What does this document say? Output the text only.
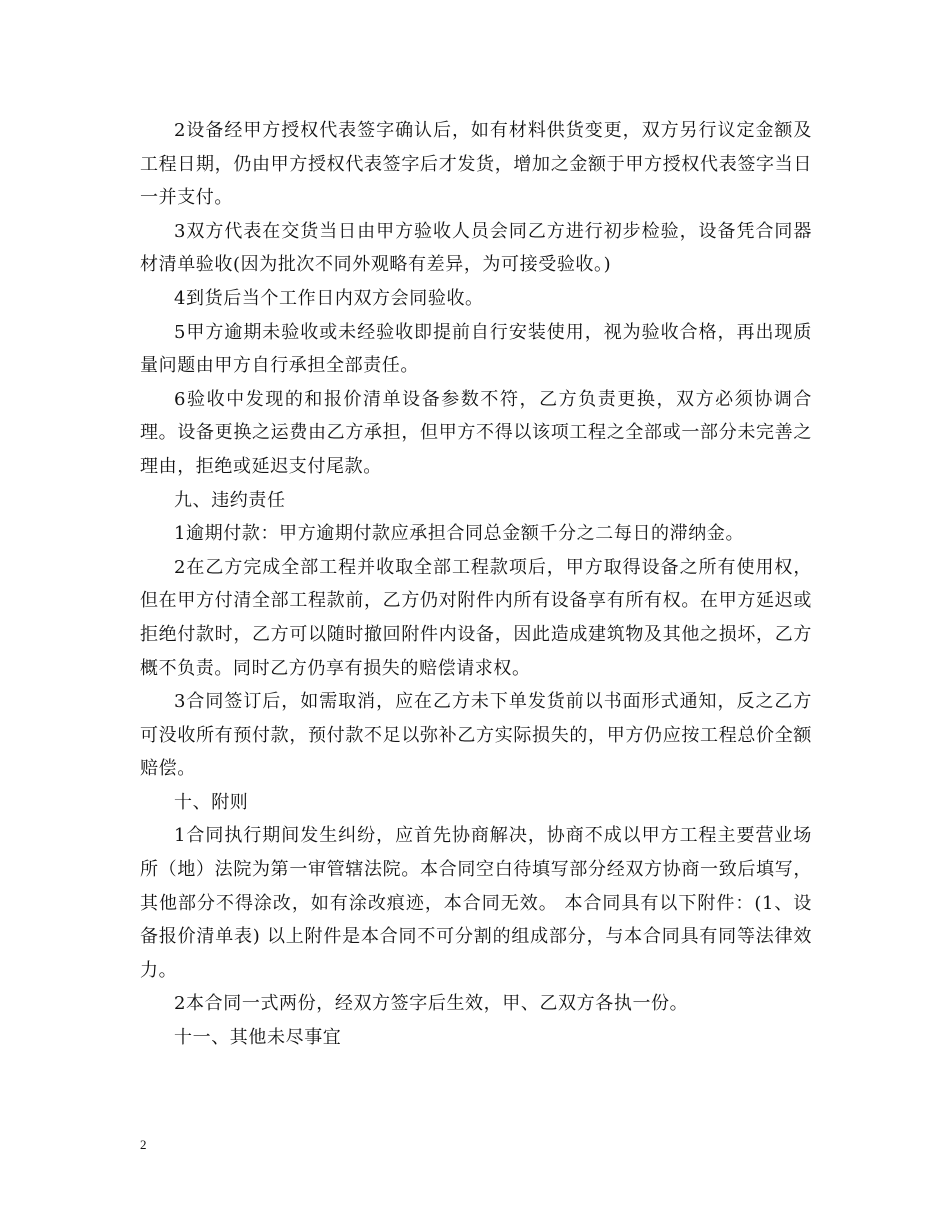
2设备经甲方授权代表签字确认后，如有材料供货变更，双方另行议定金额及工程日期，仍由甲方授权代表签字后才发货，增加之金额于甲方授权代表签字当日一并支付。

3双方代表在交货当日由甲方验收人员会同乙方进行初步检验，设备凭合同器材清单验收(因为批次不同外观略有差异，为可接受验收。)

4到货后当个工作日内双方会同验收。

5甲方逾期未验收或未经验收即提前自行安装使用，视为验收合格，再出现质量问题由甲方自行承担全部责任。

6验收中发现的和报价清单设备参数不符，乙方负责更换，双方必须协调合理。设备更换之运费由乙方承担，但甲方不得以该项工程之全部或一部分未完善之理由，拒绝或延迟支付尾款。

九、违约责任

1逾期付款：甲方逾期付款应承担合同总金额千分之二每日的滞纳金。

2在乙方完成全部工程并收取全部工程款项后，甲方取得设备之所有使用权，但在甲方付清全部工程款前，乙方仍对附件内所有设备享有所有权。在甲方延迟或拒绝付款时，乙方可以随时撤回附件内设备，因此造成建筑物及其他之损坏，乙方概不负责。同时乙方仍享有损失的赔偿请求权。

3合同签订后，如需取消，应在乙方未下单发货前以书面形式通知，反之乙方可没收所有预付款，预付款不足以弥补乙方实际损失的，甲方仍应按工程总价全额赔偿。

十、附则

1合同执行期间发生纠纷，应首先协商解决，协商不成以甲方工程主要营业场所（地）法院为第一审管辖法院。本合同空白待填写部分经双方协商一致后填写，其他部分不得涂改，如有涂改痕迹，本合同无效。 本合同具有以下附件：(1、设备报价清单表) 以上附件是本合同不可分割的组成部分，与本合同具有同等法律效力。

2本合同一式两份，经双方签字后生效，甲、乙双方各执一份。

十一、其他未尽事宜

2
